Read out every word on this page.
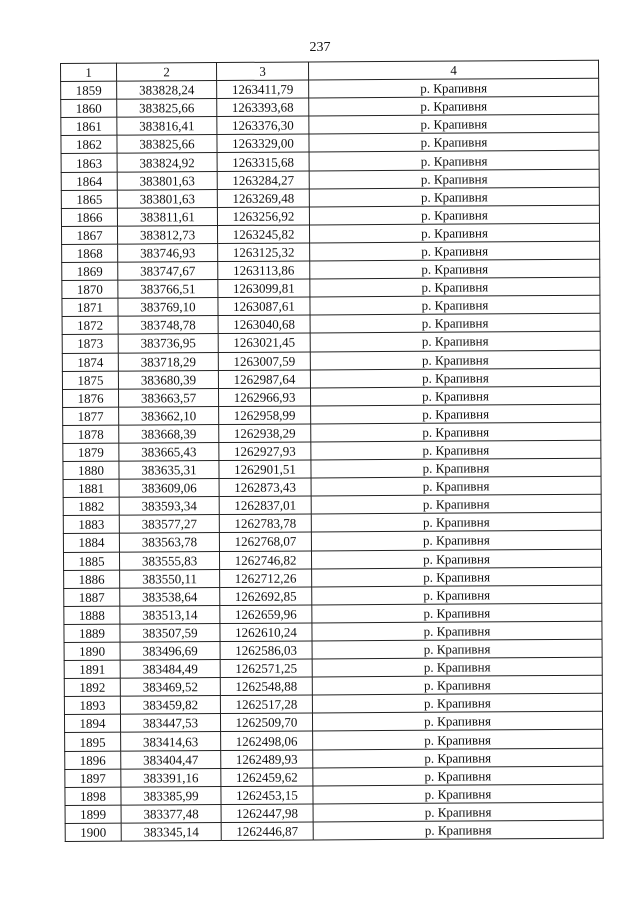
237
1	2	3	4
1859	383828,24	1263411,79	р. Крапивня
1860	383825,66	1263393,68	р. Крапивня
1861	383816,41	1263376,30	р. Крапивня
1862	383825,66	1263329,00	р. Крапивня
1863	383824,92	1263315,68	р. Крапивня
1864	383801,63	1263284,27	р. Крапивня
1865	383801,63	1263269,48	р. Крапивня
1866	383811,61	1263256,92	р. Крапивня
1867	383812,73	1263245,82	р. Крапивня
1868	383746,93	1263125,32	р. Крапивня
1869	383747,67	1263113,86	р. Крапивня
1870	383766,51	1263099,81	р. Крапивня
1871	383769,10	1263087,61	р. Крапивня
1872	383748,78	1263040,68	р. Крапивня
1873	383736,95	1263021,45	р. Крапивня
1874	383718,29	1263007,59	р. Крапивня
1875	383680,39	1262987,64	р. Крапивня
1876	383663,57	1262966,93	р. Крапивня
1877	383662,10	1262958,99	р. Крапивня
1878	383668,39	1262938,29	р. Крапивня
1879	383665,43	1262927,93	р. Крапивня
1880	383635,31	1262901,51	р. Крапивня
1881	383609,06	1262873,43	р. Крапивня
1882	383593,34	1262837,01	р. Крапивня
1883	383577,27	1262783,78	р. Крапивня
1884	383563,78	1262768,07	р. Крапивня
1885	383555,83	1262746,82	р. Крапивня
1886	383550,11	1262712,26	р. Крапивня
1887	383538,64	1262692,85	р. Крапивня
1888	383513,14	1262659,96	р. Крапивня
1889	383507,59	1262610,24	р. Крапивня
1890	383496,69	1262586,03	р. Крапивня
1891	383484,49	1262571,25	р. Крапивня
1892	383469,52	1262548,88	р. Крапивня
1893	383459,82	1262517,28	р. Крапивня
1894	383447,53	1262509,70	р. Крапивня
1895	383414,63	1262498,06	р. Крапивня
1896	383404,47	1262489,93	р. Крапивня
1897	383391,16	1262459,62	р. Крапивня
1898	383385,99	1262453,15	р. Крапивня
1899	383377,48	1262447,98	р. Крапивня
1900	383345,14	1262446,87	р. Крапивня
